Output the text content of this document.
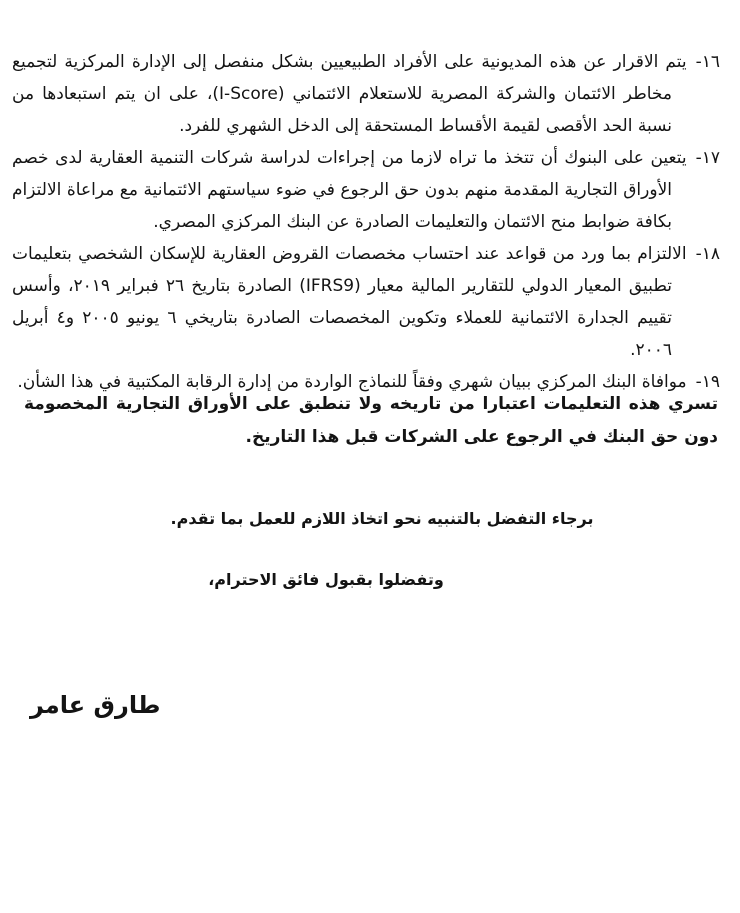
١٦-يتم الاقرار عن هذه المديونية على الأفراد الطبيعيين بشكل منفصل إلى الإدارة المركزية لتجميع مخاطر الائتمان والشركة المصرية للاستعلام الائتماني (I-Score)، على ان يتم استبعادها من نسبة الحد الأقصى لقيمة الأقساط المستحقة إلى الدخل الشهري للفرد.

١٧-يتعين على البنوك أن تتخذ ما تراه لازما من إجراءات لدراسة شركات التنمية العقارية لدى خصم الأوراق التجارية المقدمة منهم بدون حق الرجوع في ضوء سياستهم الائتمانية مع مراعاة الالتزام بكافة ضوابط منح الائتمان والتعليمات الصادرة عن البنك المركزي المصري.

١٨-الالتزام بما ورد من قواعد عند احتساب مخصصات القروض العقارية للإسكان الشخصي بتعليمات تطبيق المعيار الدولي للتقارير المالية معيار (IFRS9) الصادرة بتاريخ ٢٦ فبراير ٢٠١٩، وأسس تقييم الجدارة الائتمانية للعملاء وتكوين المخصصات الصادرة بتاريخي ٦ يونيو ٢٠٠٥ و٤ أبريل ٢٠٠٦.

١٩-موافاة البنك المركزي ببيان شهري وفقاً للنماذج الواردة من إدارة الرقابة المكتبية في هذا الشأن.

تسري هذه التعليمات اعتبارا من تاريخه ولا تنطبق على الأوراق التجارية المخصومة دون حق البنك في الرجوع على الشركات قبل هذا التاريخ.

برجاء التفضل بالتنبيه نحو اتخاذ اللازم للعمل بما تقدم.

وتفضلوا بقبول فائق الاحترام،

طارق عامر
